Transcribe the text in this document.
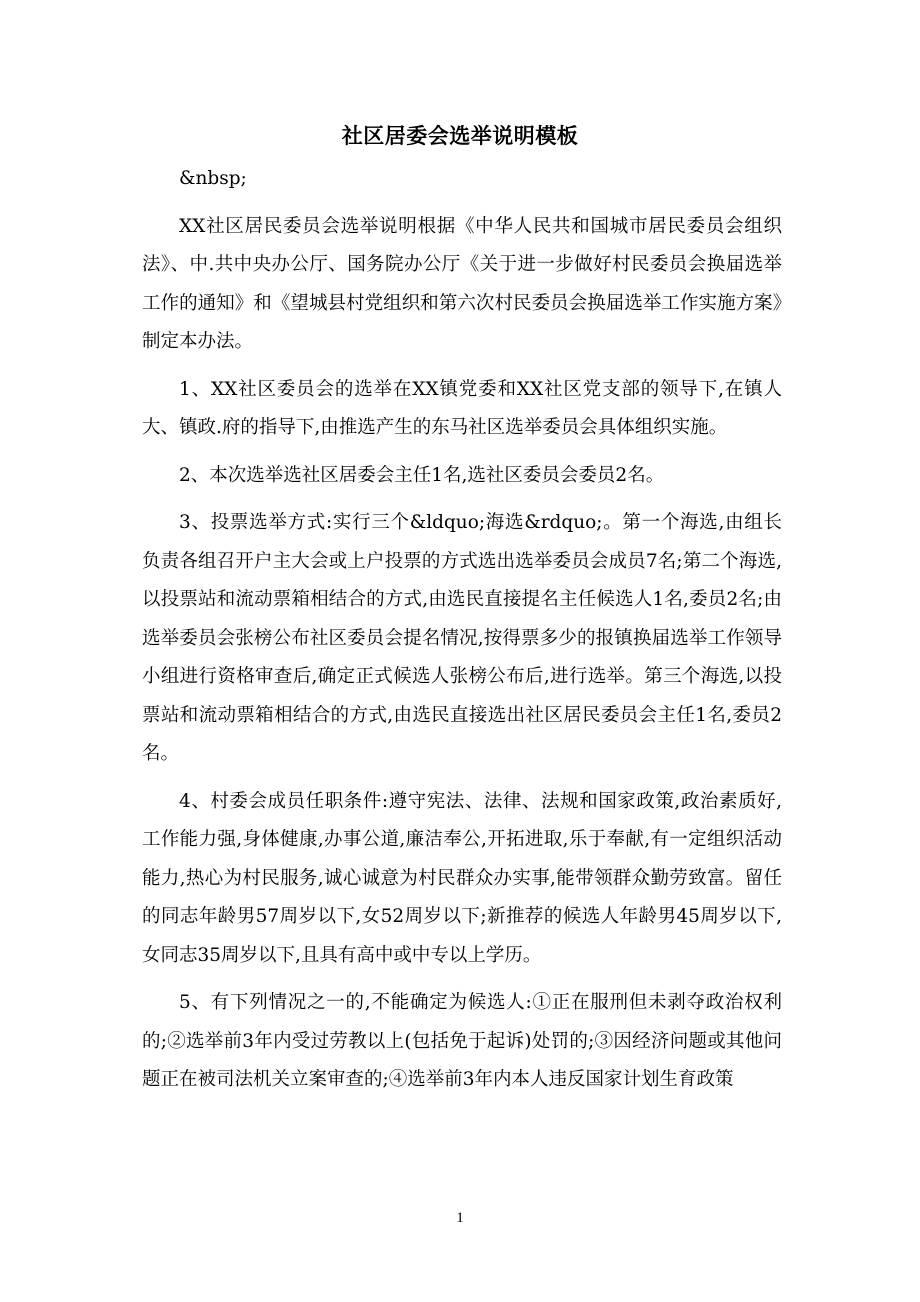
社区居委会选举说明模板

&nbsp;

XX社区居民委员会选举说明根据《中华人民共和国城市居民委员会组织法》、中.共中央办公厅、国务院办公厅《关于进一步做好村民委员会换届选举工作的通知》和《望城县村党组织和第六次村民委员会换届选举工作实施方案》制定本办法。

1、XX社区委员会的选举在XX镇党委和XX社区党支部的领导下,在镇人大、镇政.府的指导下,由推选产生的东马社区选举委员会具体组织实施。

2、本次选举选社区居委会主任1名,选社区委员会委员2名。

3、投票选举方式:实行三个&ldquo;海选&rdquo;。第一个海选,由组长负责各组召开户主大会或上户投票的方式选出选举委员会成员7名;第二个海选,以投票站和流动票箱相结合的方式,由选民直接提名主任候选人1名,委员2名;由选举委员会张榜公布社区委员会提名情况,按得票多少的报镇换届选举工作领导小组进行资格审查后,确定正式候选人张榜公布后,进行选举。第三个海选,以投票站和流动票箱相结合的方式,由选民直接选出社区居民委员会主任1名,委员2名。

4、村委会成员任职条件:遵守宪法、法律、法规和国家政策,政治素质好,工作能力强,身体健康,办事公道,廉洁奉公,开拓进取,乐于奉献,有一定组织活动能力,热心为村民服务,诚心诚意为村民群众办实事,能带领群众勤劳致富。留任的同志年龄男57周岁以下,女52周岁以下;新推荐的候选人年龄男45周岁以下,女同志35周岁以下,且具有高中或中专以上学历。

5、有下列情况之一的,不能确定为候选人:①正在服刑但未剥夺政治权利的;②选举前3年内受过劳教以上(包括免于起诉)处罚的;③因经济问题或其他问题正在被司法机关立案审查的;④选举前3年内本人违反国家计划生育政策

1
